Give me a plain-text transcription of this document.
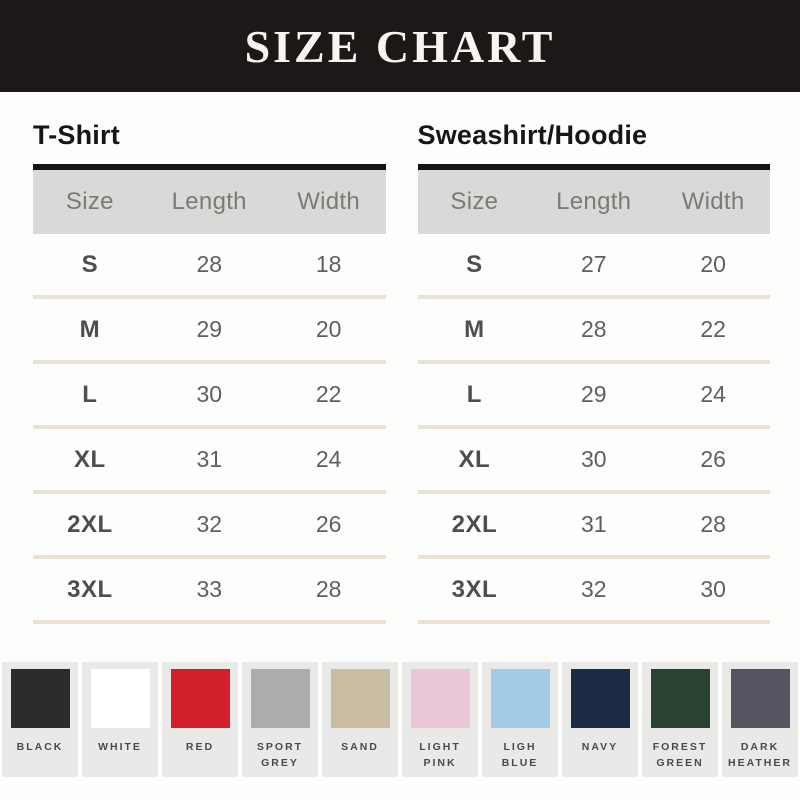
SIZE CHART
T-Shirt
Size	Length	Width
S	28	18
M	29	20
L	30	22
XL	31	24
2XL	32	26
3XL	33	28
Sweashirt/Hoodie
Size	Length	Width
S	27	20
M	28	22
L	29	24
XL	30	26
2XL	31	28
3XL	32	30
BLACK	WHITE	RED	SPORT GREY
SAND	LIGHT PINK
LIGH BLUE
NAVY	FOREST GREEN
DARK HEATHER
